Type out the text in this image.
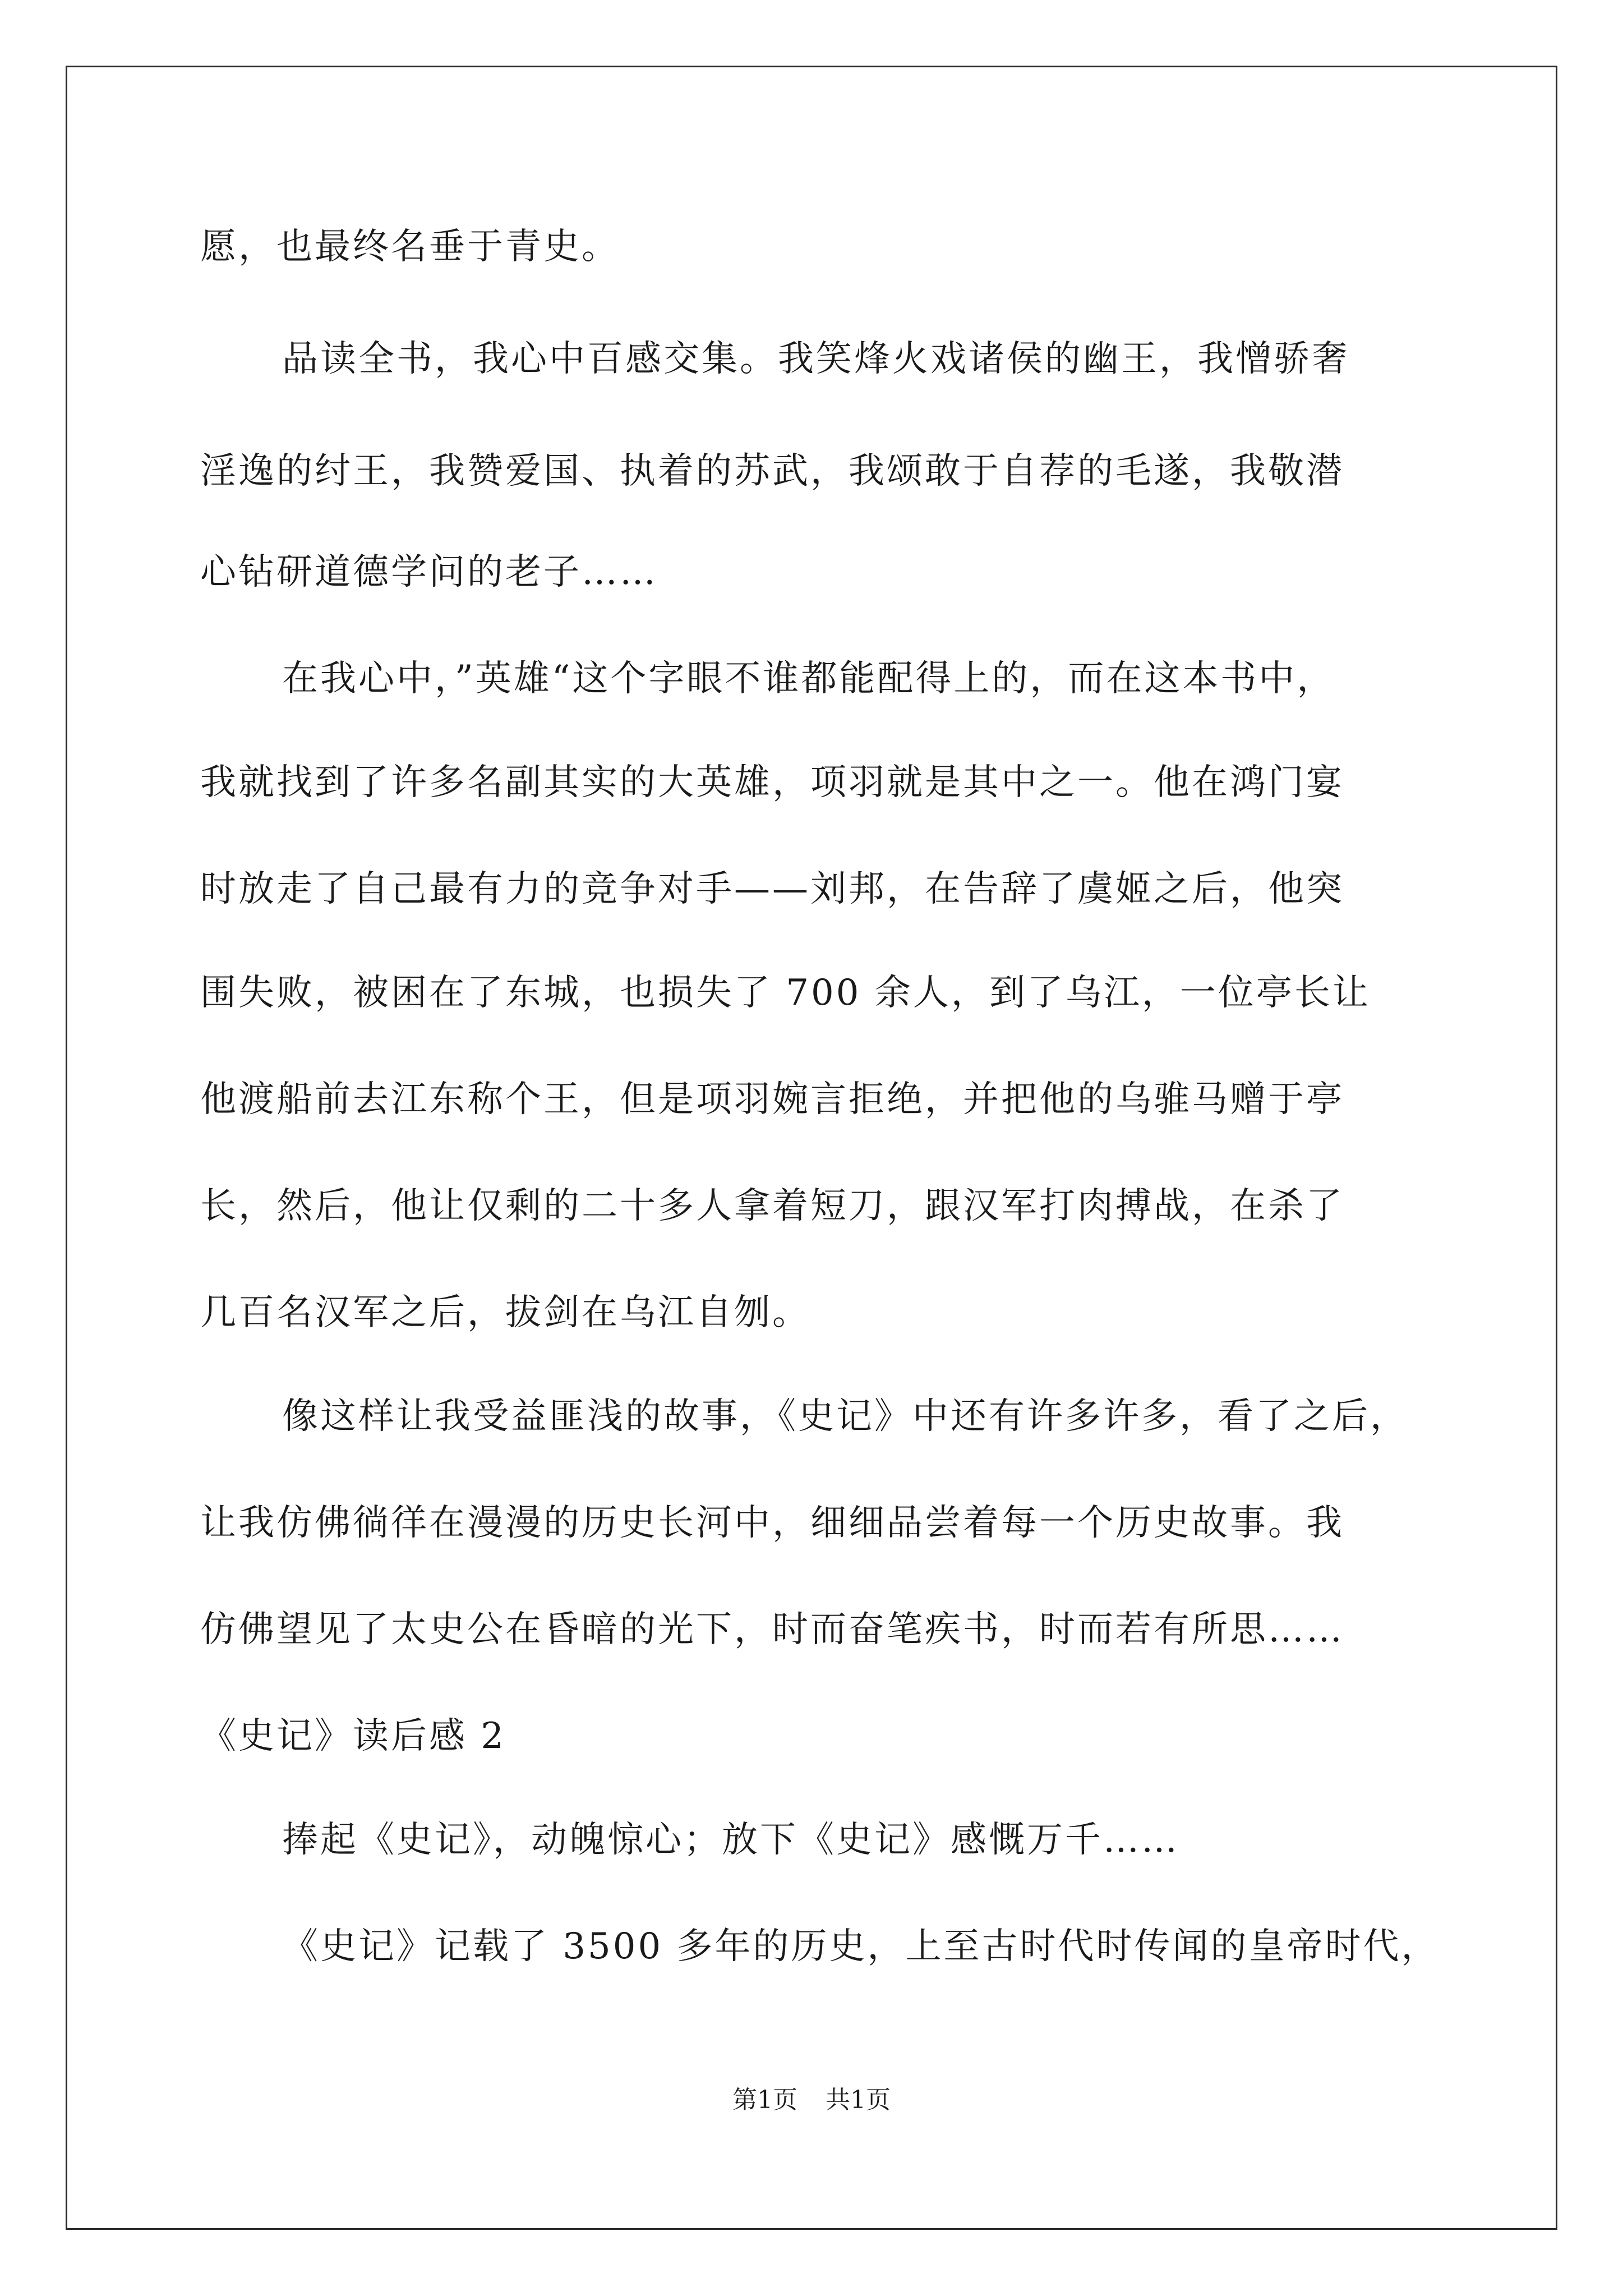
愿，也最终名垂于青史。
品读全书，我心中百感交集。我笑烽火戏诸侯的幽王，我憎骄奢
淫逸的纣王，我赞爱国、执着的苏武，我颂敢于自荐的毛遂，我敬潜
心钻研道德学问的老子……
在我心中，”英雄“这个字眼不谁都能配得上的，而在这本书中，
我就找到了许多名副其实的大英雄，项羽就是其中之一。他在鸿门宴
时放走了自己最有力的竞争对手——刘邦，在告辞了虞姬之后，他突
围失败，被困在了东城，也损失了 700 余人，到了乌江，一位亭长让
他渡船前去江东称个王，但是项羽婉言拒绝，并把他的乌骓马赠于亭
长，然后，他让仅剩的二十多人拿着短刀，跟汉军打肉搏战，在杀了
几百名汉军之后，拔剑在乌江自刎。
像这样让我受益匪浅的故事，《史记》中还有许多许多，看了之后，
让我仿佛徜徉在漫漫的历史长河中，细细品尝着每一个历史故事。我
仿佛望见了太史公在昏暗的光下，时而奋笔疾书，时而若有所思……
《史记》读后感 2
捧起《史记》，动魄惊心；放下《史记》感慨万千……
《史记》记载了 3500 多年的历史，上至古时代时传闻的皇帝时代，
第1页 共1页
